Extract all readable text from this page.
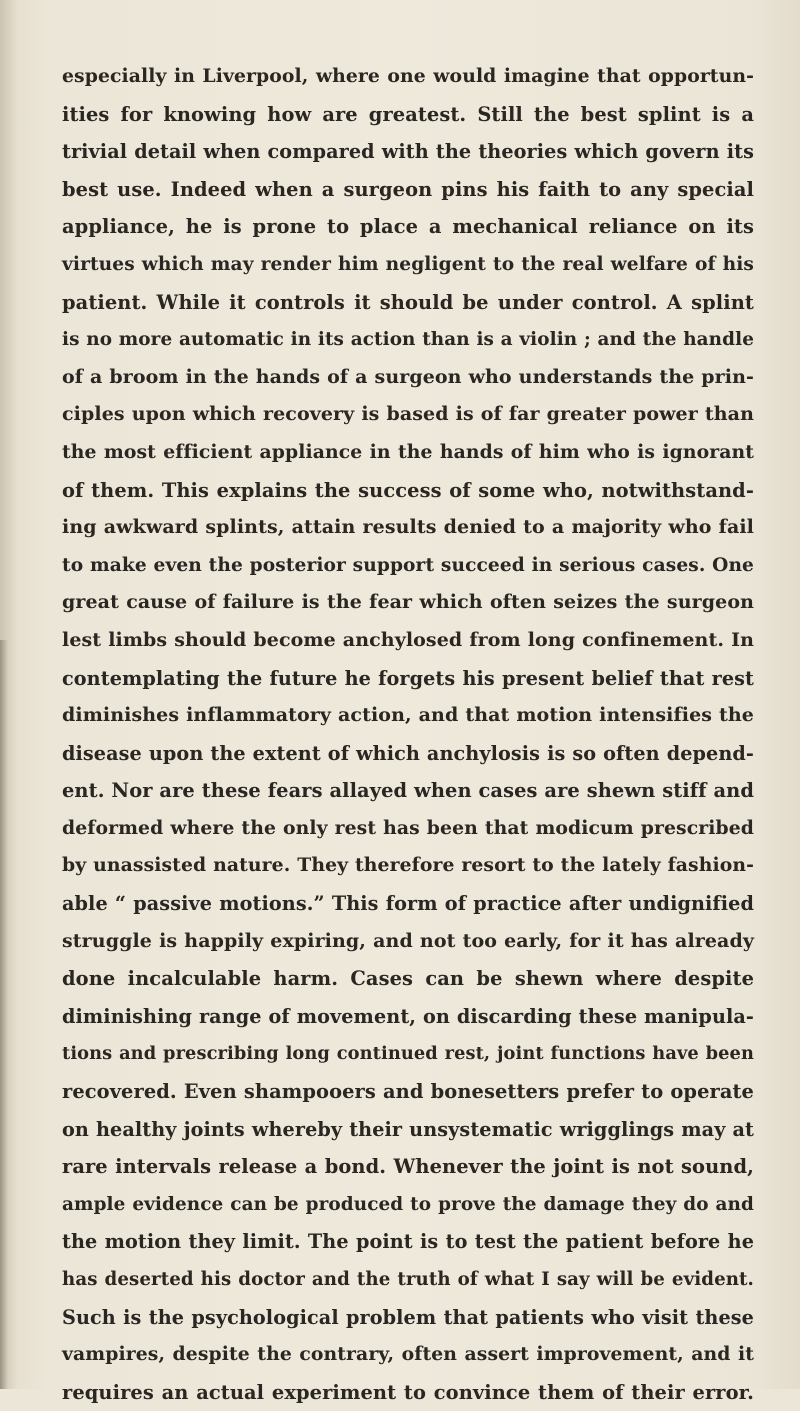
especially in Liverpool, where one would imagine that opportun-
ities for knowing how are greatest. Still the best splint is a
trivial detail when compared with the theories which govern its
best use. Indeed when a surgeon pins his faith to any special
appliance, he is prone to place a mechanical reliance on its
virtues which may render him negligent to the real welfare of his
patient. While it controls it should be under control. A splint
is no more automatic in its action than is a violin ; and the handle
of a broom in the hands of a surgeon who understands the prin-
ciples upon which recovery is based is of far greater power than
the most efficient appliance in the hands of him who is ignorant
of them. This explains the success of some who, notwithstand-
ing awkward splints, attain results denied to a majority who fail
to make even the posterior support succeed in serious cases. One
great cause of failure is the fear which often seizes the surgeon
lest limbs should become anchylosed from long confinement. In
contemplating the future he forgets his present belief that rest
diminishes inflammatory action, and that motion intensifies the
disease upon the extent of which anchylosis is so often depend-
ent. Nor are these fears allayed when cases are shewn stiff and
deformed where the only rest has been that modicum prescribed
by unassisted nature. They therefore resort to the lately fashion-
able “ passive motions.” This form of practice after undignified
struggle is happily expiring, and not too early, for it has already
done incalculable harm. Cases can be shewn where despite
diminishing range of movement, on discarding these manipula-
tions and prescribing long continued rest, joint functions have been
recovered. Even shampooers and bonesetters prefer to operate
on healthy joints whereby their unsystematic wrigglings may at
rare intervals release a bond. Whenever the joint is not sound,
ample evidence can be produced to prove the damage they do and
the motion they limit. The point is to test the patient before he
has deserted his doctor and the truth of what I say will be evident.
Such is the psychological problem that patients who visit these
vampires, despite the contrary, often assert improvement, and it
requires an actual experiment to convince them of their error.
